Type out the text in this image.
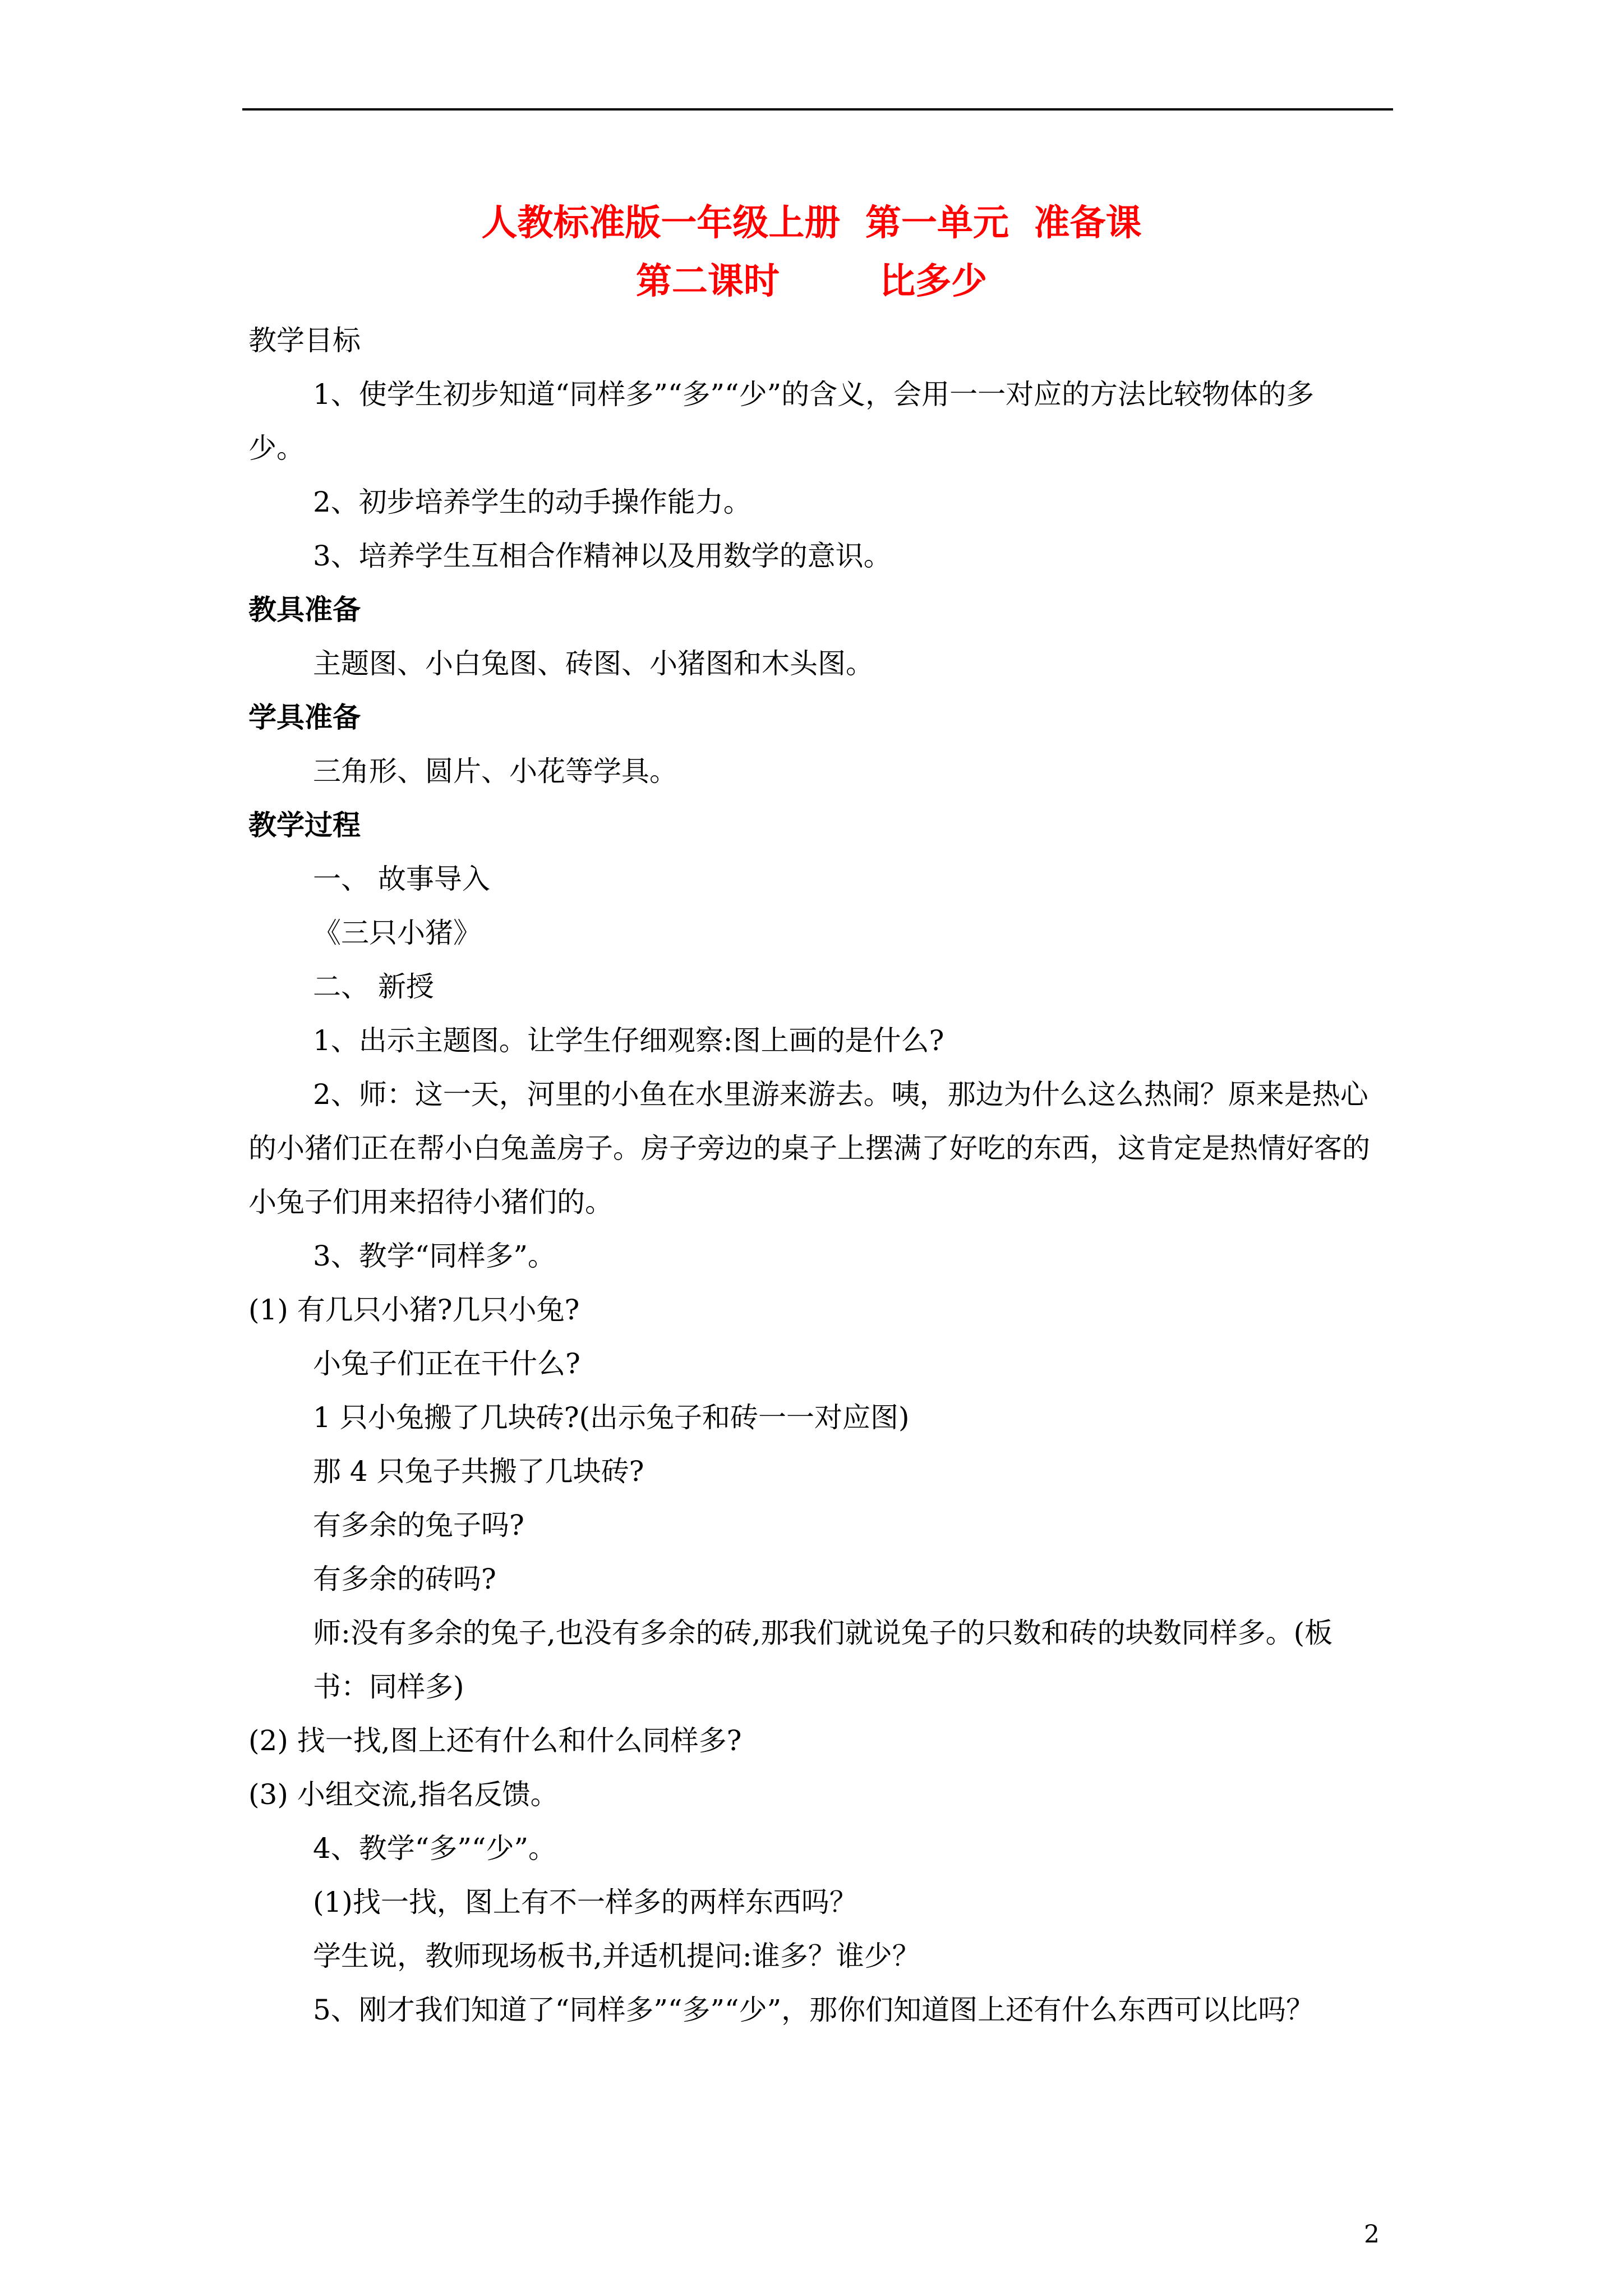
人教标准版一年级上册  第一单元  准备课
第二课时        比多少
教学目标
1、使学生初步知道“同样多”“多”“少”的含义，会用一一对应的方法比较物体的多
少。
2、初步培养学生的动手操作能力。
3、培养学生互相合作精神以及用数学的意识。
教具准备
主题图、小白兔图、砖图、小猪图和木头图。
学具准备
三角形、圆片、小花等学具。
教学过程
一、 故事导入
《三只小猪》
二、 新授
1、出示主题图。让学生仔细观察:图上画的是什么?
2、师：这一天，河里的小鱼在水里游来游去。咦，那边为什么这么热闹？原来是热心
的小猪们正在帮小白兔盖房子。房子旁边的桌子上摆满了好吃的东西，这肯定是热情好客的
小兔子们用来招待小猪们的。
3、教学“同样多”。
(1) 有几只小猪?几只小兔?
小兔子们正在干什么?
1 只小兔搬了几块砖?(出示兔子和砖一一对应图)
那 4 只兔子共搬了几块砖?
有多余的兔子吗?
有多余的砖吗?
师:没有多余的兔子,也没有多余的砖,那我们就说兔子的只数和砖的块数同样多。(板
书：同样多)
(2) 找一找,图上还有什么和什么同样多?
(3) 小组交流,指名反馈。
4、教学“多”“少”。
(1)找一找，图上有不一样多的两样东西吗？
学生说，教师现场板书,并适机提问:谁多？谁少？
5、刚才我们知道了“同样多”“多”“少”，那你们知道图上还有什么东西可以比吗？
2
